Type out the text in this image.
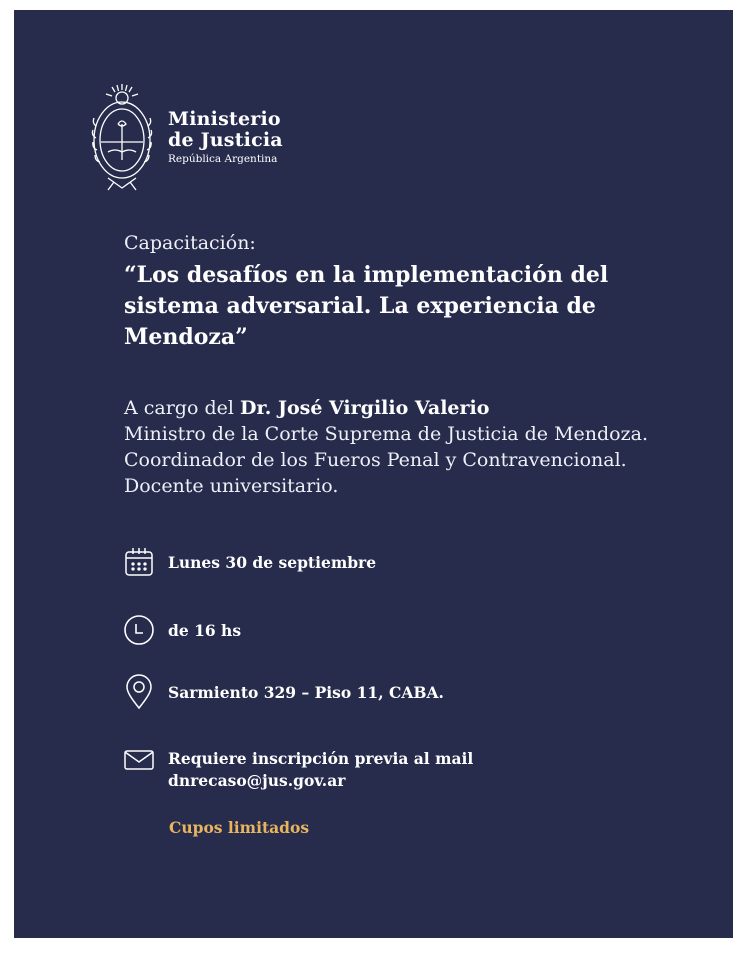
Ministerio
de Justicia
República Argentina
Capacitación:
“Los desafíos en la implementación del sistema adversarial. La experiencia de Mendoza”
A cargo del Dr. José Virgilio Valerio
Ministro de la Corte Suprema de Justicia de Mendoza. Coordinador de los Fueros Penal y Contravencional. Docente universitario.
Lunes 30 de septiembre
de 16 hs
Sarmiento 329 – Piso 11, CABA.
Requiere inscripción previa al mail
dnrecaso@jus.gov.ar
Cupos limitados
